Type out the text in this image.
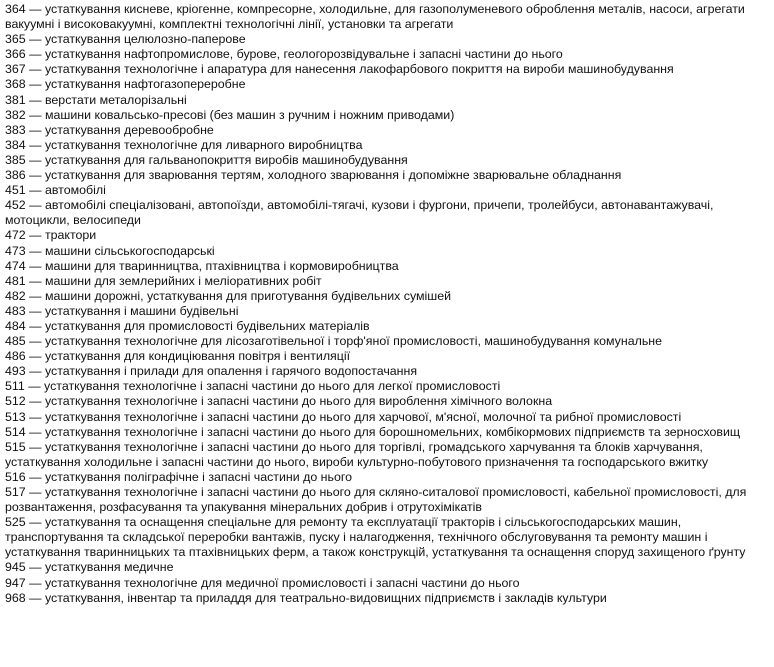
364 — устаткування кисневе, кріогенне, компресорне, холодильне, для газополуменевого оброблення металів, насоси, агрегати вакуумні і високовакуумні, комплектні технологічні лінії, установки та агрегати
365 — устаткування целюлозно-паперове
366 — устаткування нафтопромислове, бурове, геологорозвідувальне і запасні частини до нього
367 — устаткування технологічне і апаратура для нанесення лакофарбового покриття на вироби машинобудування
368 — устаткування нафтогазопереробне
381 — верстати металорізальні
382 — машини ковальсько-пресові (без машин з ручним і ножним приводами)
383 — устаткування деревообробне
384 — устаткування технологічне для ливарного виробництва
385 — устаткування для гальванопокриття виробів машинобудування
386 — устаткування для зварювання тертям, холодного зварювання і допоміжне зварювальне обладнання
451 — автомобілі
452 — автомобілі спеціалізовані, автопоїзди, автомобілі-тягачі, кузови і фургони, причепи, тролейбуси, автонавантажувачі, мотоцикли, велосипеди
472 — трактори
473 — машини сільськогосподарські
474 — машини для тваринництва, птахівництва і кормовиробництва
481 — машини для землерийних і меліоративних робіт
482 — машини дорожні, устаткування для приготування будівельних сумішей
483 — устаткування і машини будівельні
484 — устаткування для промисловості будівельних матеріалів
485 — устаткування технологічне для лісозаготівельної і торф'яної промисловості, машинобудування комунальне
486 — устаткування для кондиціювання повітря і вентиляції
493 — устаткування і прилади для опалення і гарячого водопостачання
511 — устаткування технологічне і запасні частини до нього для легкої промисловості
512 — устаткування технологічне і запасні частини до нього для вироблення хімічного волокна
513 — устаткування технологічне і запасні частини до нього для харчової, м'ясної, молочної та рибної промисловості
514 — устаткування технологічне і запасні частини до нього для борошномельних, комбікормових підприємств та зерносховищ
515 — устаткування технологічне і запасні частини до нього для торгівлі, громадського харчування та блоків харчування, устаткування холодильне і запасні частини до нього, вироби культурно-побутового призначення та господарського вжитку
516 — устаткування поліграфічне і запасні частини до нього
517 — устаткування технологічне і запасні частини до нього для скляно-ситалової промисловості, кабельної промисловості, для розвантаження, розфасування та упакування мінеральних добрив і отрутохімікатів
525 — устаткування та оснащення спеціальне для ремонту та експлуатації тракторів і сільськогосподарських машин, транспортування та складської переробки вантажів, пуску і налагодження, технічного обслуговування та ремонту машин і устаткування тваринницьких та птахівницьких ферм, а також конструкцій, устаткування та оснащення споруд захищеного ґрунту
945 — устаткування медичне
947 — устаткування технологічне для медичної промисловості і запасні частини до нього
968 — устаткування, інвентар та приладдя для театрально-видовищних підприємств і закладів культури
